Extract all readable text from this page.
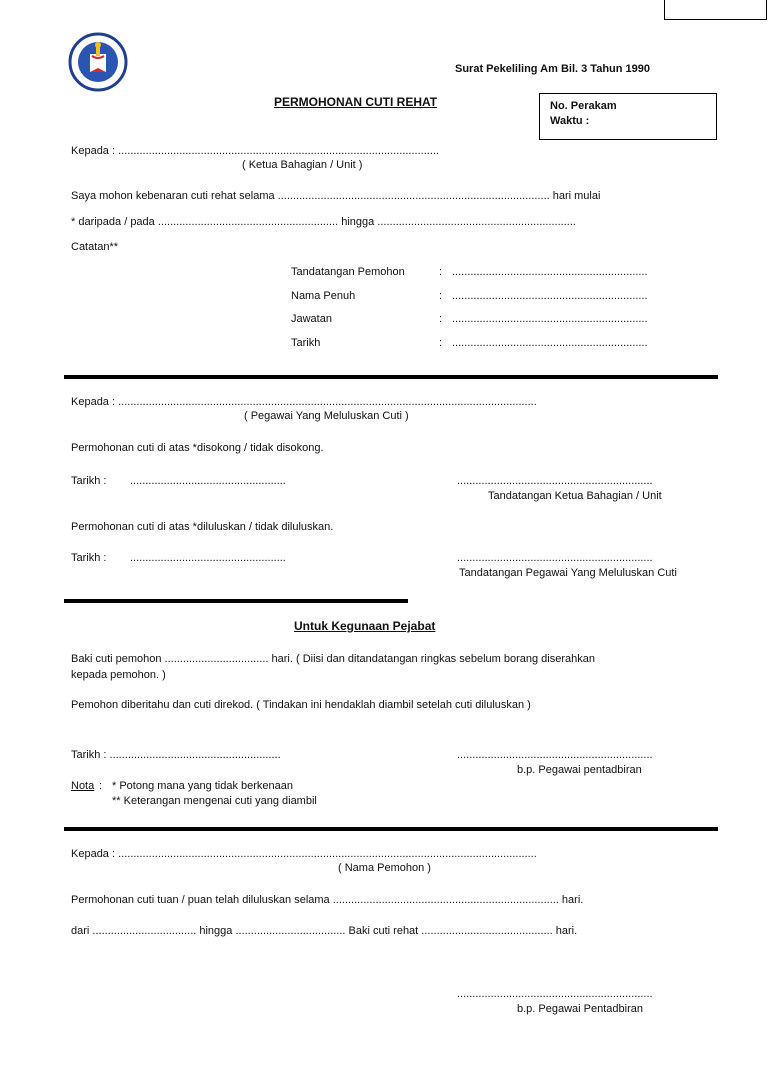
Surat Pekeliling Am Bil. 3 Tahun 1990
PERMOHONAN CUTI REHAT	No. Perakam
Waktu :
Kepada : .........................................................................................................
( Ketua Bahagian / Unit )
Saya mohon kebenaran cuti rehat selama ......................................................................................... hari mulai
* daripada / pada ........................................................... hingga .................................................................
Catatan**
Tandatangan Pemohon	: ................................................................
Nama Penuh	: ................................................................
Jawatan	: ................................................................
Tarikh	: ................................................................
Kepada : .........................................................................................................................................
( Pegawai Yang Meluluskan Cuti )
Permohonan cuti di atas *disokong / tidak disokong.
Tarikh : ...................................................	................................................................
Tandatangan Ketua Bahagian / Unit
Permohonan cuti di atas *diluluskan / tidak diluluskan.
Tarikh : ...................................................	................................................................
Tandatangan Pegawai Yang Meluluskan Cuti
Untuk Kegunaan Pejabat
Baki cuti pemohon .................................. hari. ( Diisi dan ditandatangan ringkas sebelum borang diserahkan
kepada pemohon. )
Pemohon diberitahu dan cuti direkod. ( Tindakan ini hendaklah diambil setelah cuti diluluskan )
Tarikh : ........................................................	................................................................
b.p. Pegawai pentadbiran
Nota : * Potong mana yang tidak berkenaan
** Keterangan mengenai cuti yang diambil
Kepada : .........................................................................................................................................
( Nama Pemohon )
Permohonan cuti tuan / puan telah diluluskan selama .......................................................................... hari.
dari .................................. hingga .................................... Baki cuti rehat ........................................... hari.
................................................................
b.p. Pegawai Pentadbiran
